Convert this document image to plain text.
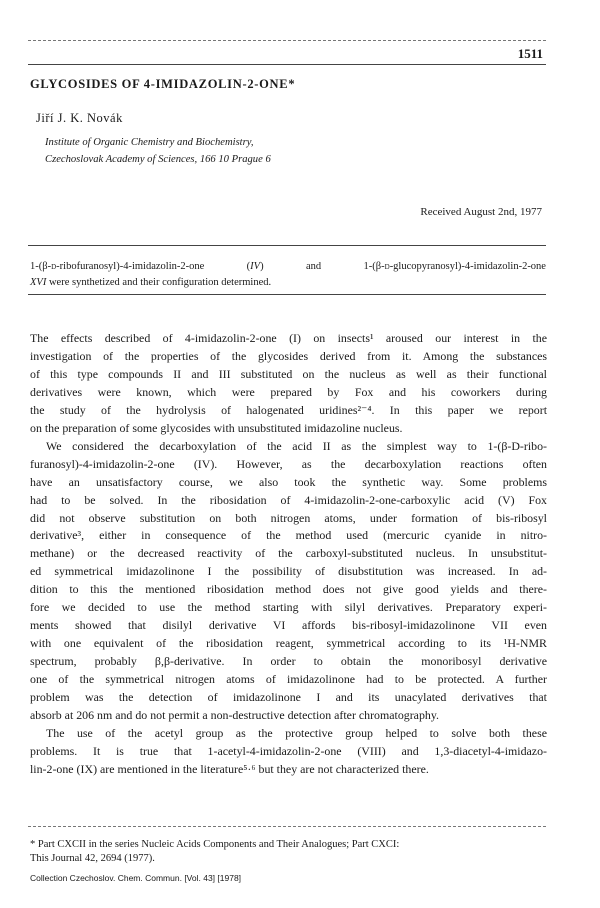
1511
GLYCOSIDES OF 4-IMIDAZOLIN-2-ONE*
Jiří J. K. Novák
Institute of Organic Chemistry and Biochemistry,
Czechoslovak Academy of Sciences, 166 10 Prague 6
Received August 2nd, 1977

1-(β-d-ribofuranosyl)-4-imidazolin-2-one (IV) and 1-(β-d-glucopyranosyl)-4-imidazolin-2-one

XVI were synthetized and their configuration determined.

The effects described of 4-imidazolin-2-one (I) on insects¹ aroused our interest in the

investigation of the properties of the glycosides derived from it. Among the substances

of this type compounds II and III substituted on the nucleus as well as their functional

derivatives were known, which were prepared by Fox and his coworkers during

the study of the hydrolysis of halogenated uridines²⁻⁴. In this paper we report

on the preparation of some glycosides with unsubstituted imidazoline nucleus.

We considered the decarboxylation of the acid II as the simplest way to 1-(β-D-ribo-

furanosyl)-4-imidazolin-2-one (IV). However, as the decarboxylation reactions often

have an unsatisfactory course, we also took the synthetic way. Some problems

had to be solved. In the ribosidation of 4-imidazolin-2-one-carboxylic acid (V) Fox

did not observe substitution on both nitrogen atoms, under formation of bis-ribosyl

derivative³, either in consequence of the method used (mercuric cyanide in nitro-

methane) or the decreased reactivity of the carboxyl-substituted nucleus. In unsubstitut-

ed symmetrical imidazolinone I the possibility of disubstitution was increased. In ad-

dition to this the mentioned ribosidation method does not give good yields and there-

fore we decided to use the method starting with silyl derivatives. Preparatory experi-

ments showed that disilyl derivative VI affords bis-ribosyl-imidazolinone VII even

with one equivalent of the ribosidation reagent, symmetrical according to its ¹H-NMR

spectrum, probably β,β-derivative. In order to obtain the monoribosyl derivative

one of the symmetrical nitrogen atoms of imidazolinone had to be protected. A further

problem was the detection of imidazolinone I and its unacylated derivatives that

absorb at 206 nm and do not permit a non-destructive detection after chromatography.

The use of the acetyl group as the protective group helped to solve both these

problems. It is true that 1-acetyl-4-imidazolin-2-one (VIII) and 1,3-diacetyl-4-imidazo-

lin-2-one (IX) are mentioned in the literature⁵·⁶ but they are not characterized there.

* Part CXCII in the series Nucleic Acids Components and Their Analogues; Part CXCI:

This Journal 42, 2694 (1977).

Collection Czechoslov. Chem. Commun. [Vol. 43] [1978]
